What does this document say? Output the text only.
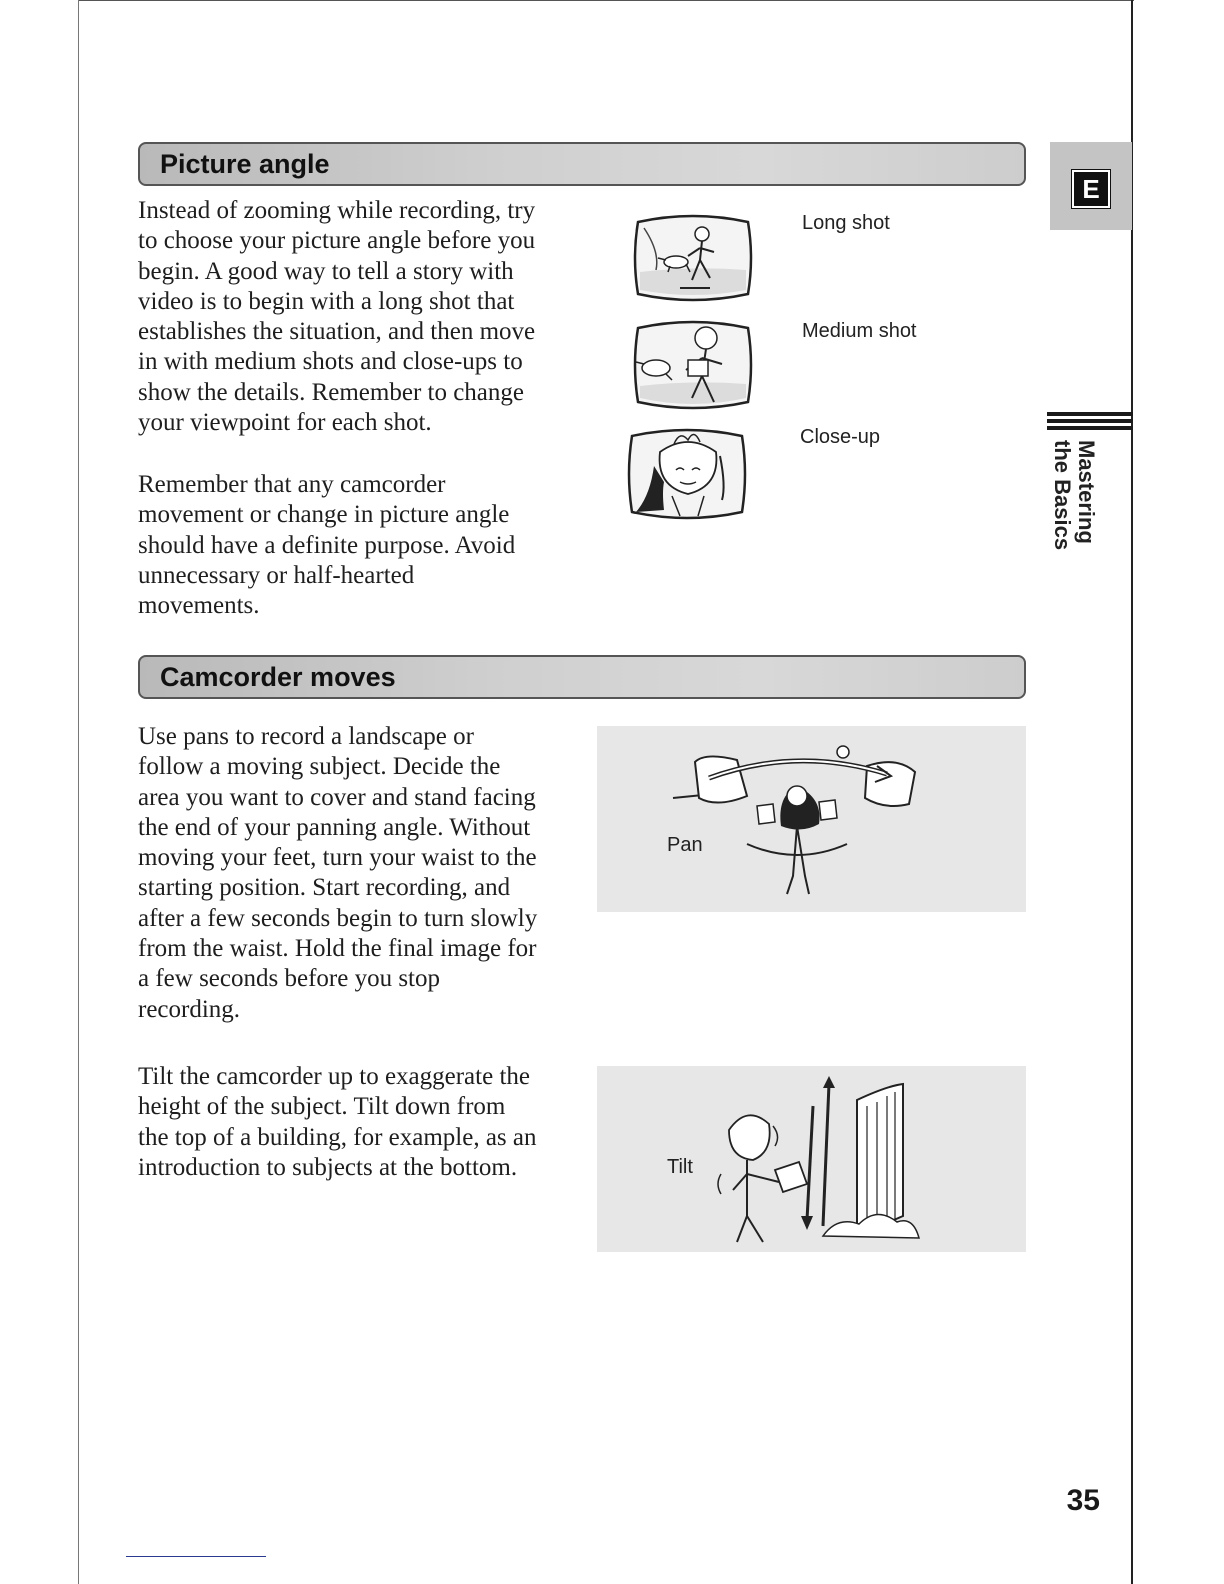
E
Mastering
the Basics
Picture angle
Instead of zooming while recording, try
to choose your picture angle before you
begin. A good way to tell a story with
video is to begin with a long shot that
establishes the situation, and then move
in with medium shots and close-ups to
show the details. Remember to change
your viewpoint for each shot.
Remember that any camcorder
movement or change in picture angle
should have a definite purpose. Avoid
unnecessary or half-hearted
movements.
Long shot
Medium shot
Close-up
Camcorder moves
Use pans to record a landscape or
follow a moving subject. Decide the
area you want to cover and stand facing
the end of your panning angle. Without
moving your feet, turn your waist to the
starting position. Start recording, and
after a few seconds begin to turn slowly
from the waist. Hold the final image for
a few seconds before you stop
recording.
Pan
Tilt the camcorder up to exaggerate the
height of the subject. Tilt down from
the top of a building, for example, as an
introduction to subjects at the bottom.	Tilt
35
